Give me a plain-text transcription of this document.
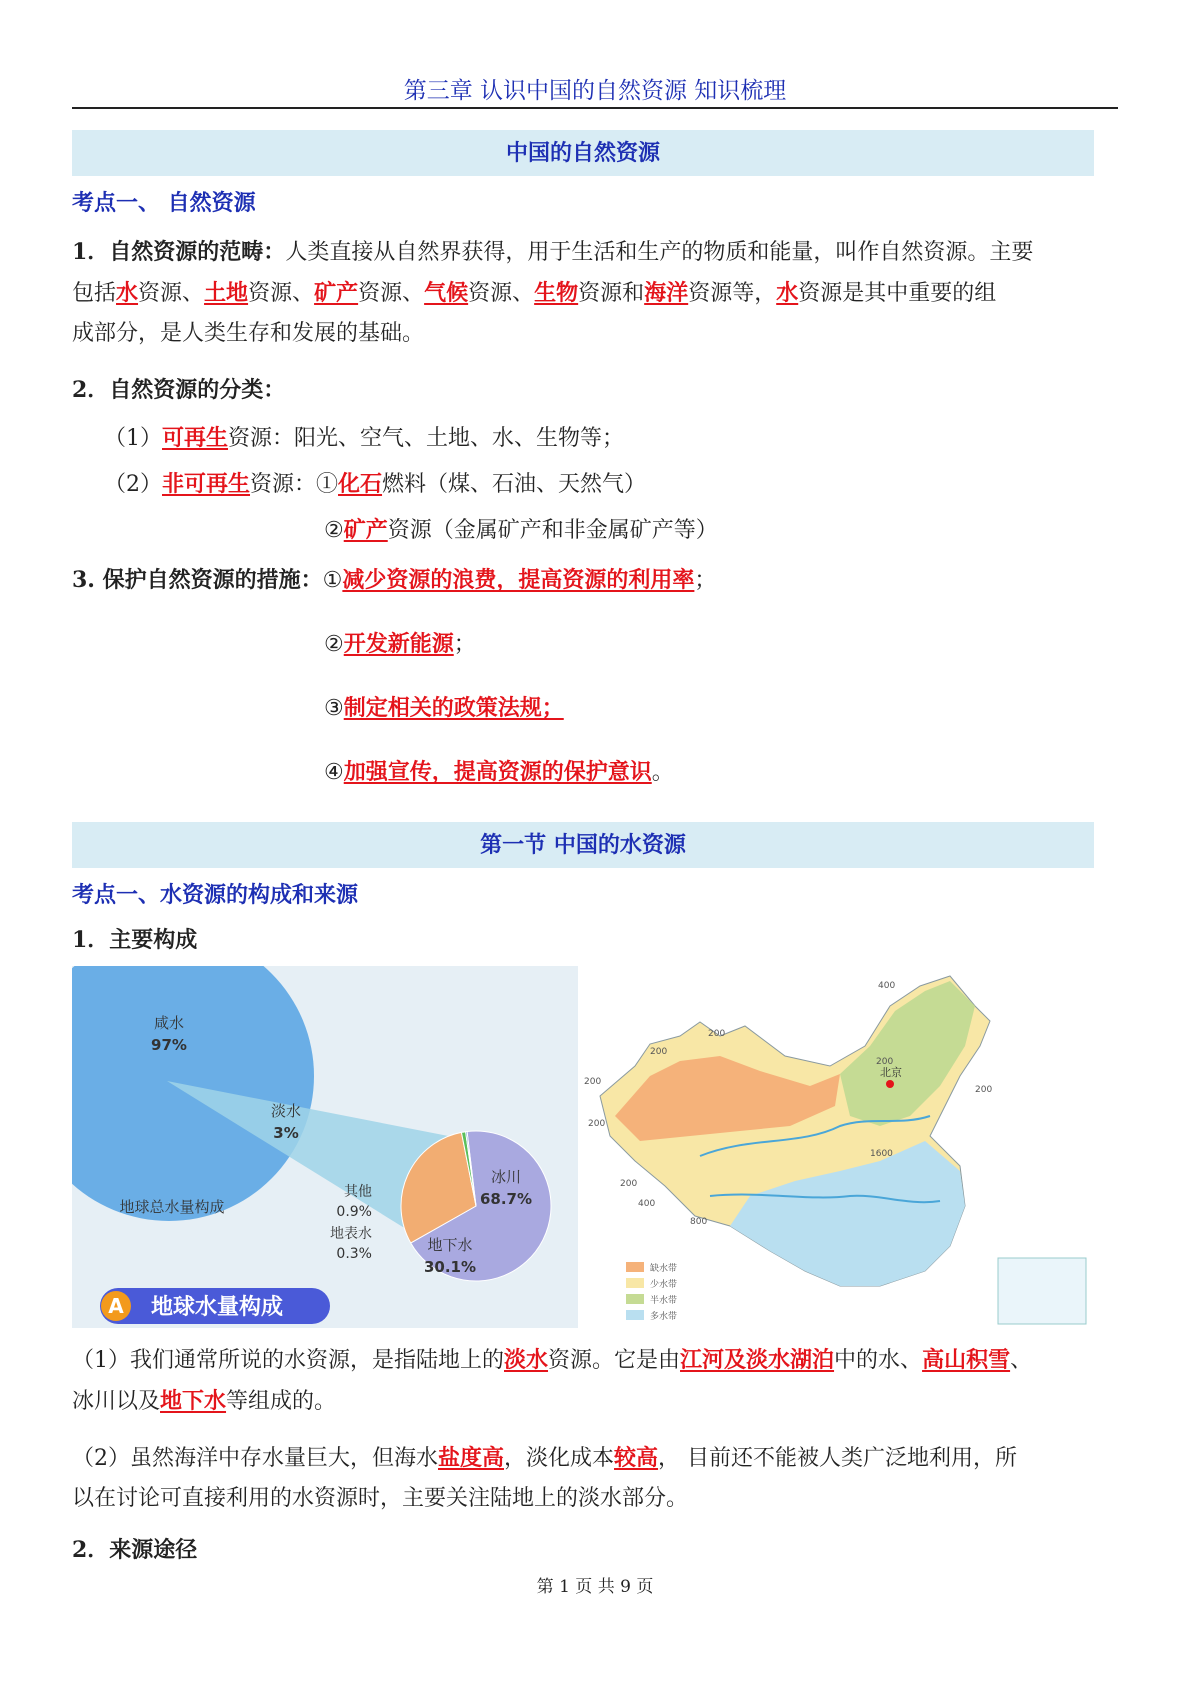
第三章 认识中国的自然资源 知识梳理
中国的自然资源
考点一、 自然资源
1．自然资源的范畴：人类直接从自然界获得，用于生活和生产的物质和能量，叫作自然资源。主要
包括水资源、土地资源、矿产资源、气候资源、生物资源和海洋资源等，水资源是其中重要的组
成部分，是人类生存和发展的基础。
2．自然资源的分类：
（1）可再生资源：阳光、空气、土地、水、生物等；
（2）非可再生资源：①化石燃料（煤、石油、天然气）
②矿产资源（金属矿产和非金属矿产等）
3. 保护自然资源的措施：①减少资源的浪费，提高资源的利用率；
②开发新能源；
③制定相关的政策法规；
④加强宣传，提高资源的保护意识。
第一节 中国的水资源
考点一、水资源的构成和来源
1．主要构成
咸水
97%
淡水
3%
地球总水量构成
冰川
68.7%
其他
0.9%
地表水
0.3%	地下水
30.1%
A 地球水量构成
北京
400
200
200
200
200
200
200
200
400
800
1600
缺水带
少水带
半水带
多水带
（1）我们通常所说的水资源，是指陆地上的淡水资源。它是由江河及淡水湖泊中的水、高山积雪、
冰川以及地下水等组成的。
（2）虽然海洋中存水量巨大，但海水盐度高，淡化成本较高， 目前还不能被人类广泛地利用，所
以在讨论可直接利用的水资源时，主要关注陆地上的淡水部分。
2．来源途径
第 1 页 共 9 页
